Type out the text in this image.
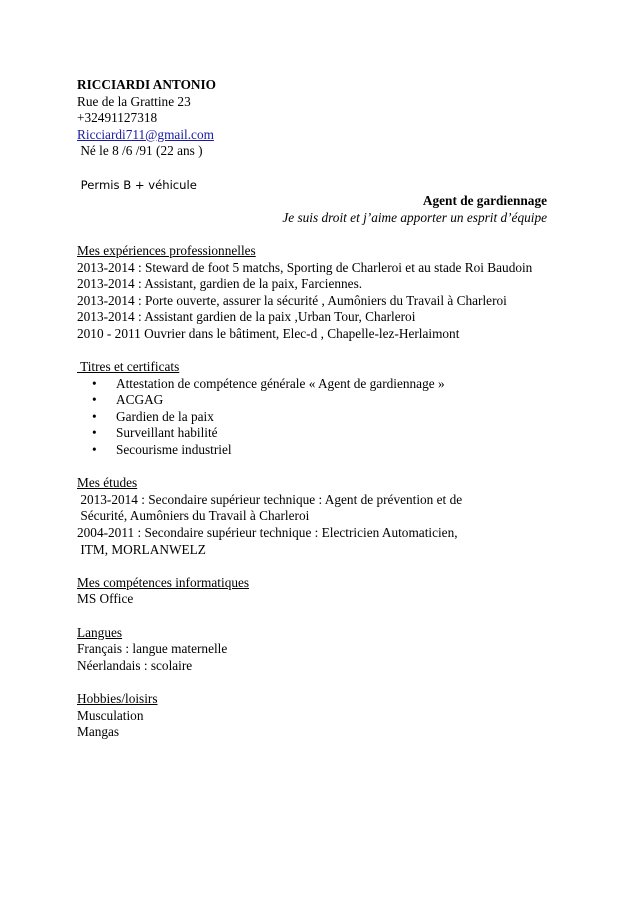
RICCIARDI ANTONIO
Rue de la Grattine 23
+32491127318
Ricciardi711@gmail.com
Né le 8 /6 /91 (22 ans )
Permis B + véhicule
Agent de gardiennage
Je suis droit et j’aime apporter un esprit d’équipe
Mes expériences professionnelles
2013-2014 : Steward de foot 5 matchs, Sporting de Charleroi et au stade Roi Baudoin
2013-2014 : Assistant, gardien de la paix, Farciennes.
2013-2014 : Porte ouverte, assurer la sécurité , Aumôniers du Travail à Charleroi
2013-2014 : Assistant gardien de la paix ,Urban Tour, Charleroi
2010 - 2011 Ouvrier dans le bâtiment, Elec-d , Chapelle-lez-Herlaimont
Titres et certificats
• Attestation de compétence générale « Agent de gardiennage »
• ACGAG
• Gardien de la paix
• Surveillant habilité
• Secourisme industriel
Mes études
2013-2014 : Secondaire supérieur technique : Agent de prévention et de
Sécurité, Aumôniers du Travail à Charleroi
2004-2011 : Secondaire supérieur technique : Electricien Automaticien,
ITM, MORLANWELZ
Mes compétences informatiques
MS Office
Langues
Français : langue maternelle
Néerlandais : scolaire
Hobbies/loisirs
Musculation
Mangas
